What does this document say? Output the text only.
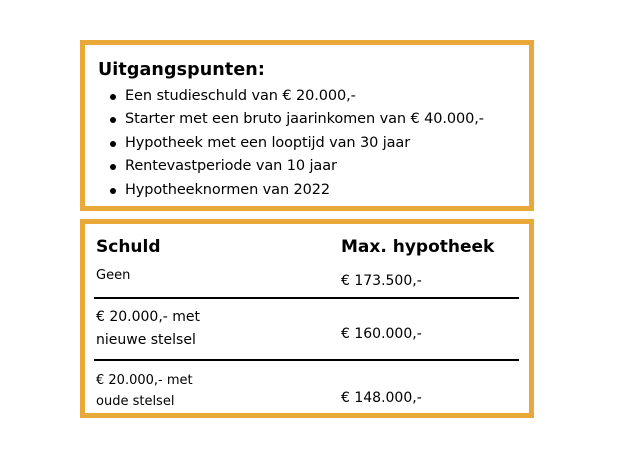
Uitgangspunten:
Een studieschuld van € 20.000,-
Starter met een bruto jaarinkomen van € 40.000,-
Hypotheek met een looptijd van 30 jaar
Rentevastperiode van 10 jaar
Hypotheeknormen van 2022
Schuld	Max. hypotheek
Geen	€ 173.500,-
€ 20.000,- met
nieuwe stelsel	€ 160.000,-
€ 20.000,- met
oude stelsel	€ 148.000,-
